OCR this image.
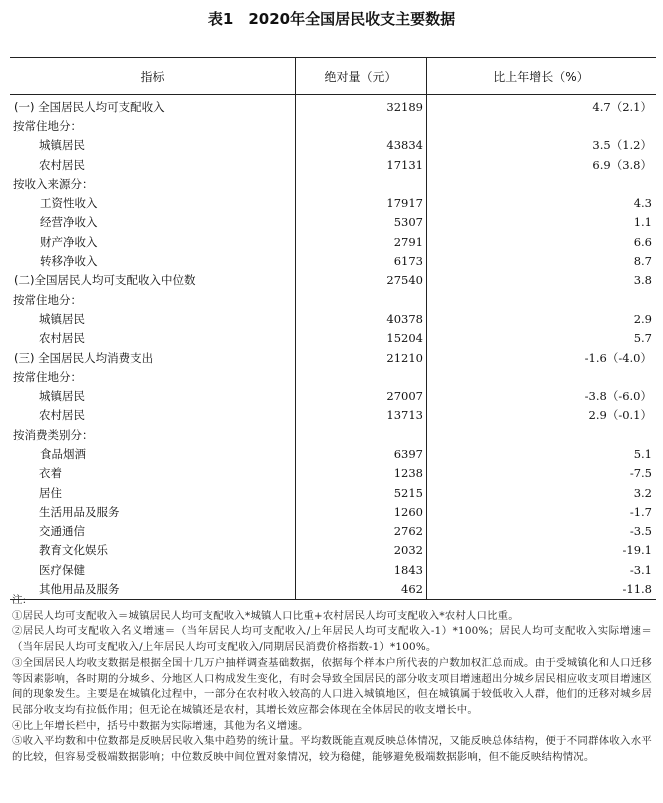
表1　2020年全国居民收支主要数据
指标	绝对量（元）	比上年增长（%）
(一) 全国居民人均可支配收入	32189	4.7（2.1）
按常住地分：
城镇居民	43834	3.5（1.2）
农村居民	17131	6.9（3.8）
按收入来源分：
工资性收入	17917	4.3
经营净收入	5307	1.1
财产净收入	2791	6.6
转移净收入	6173	8.7
(二)全国居民人均可支配收入中位数	27540	3.8
按常住地分：
城镇居民	40378	2.9
农村居民	15204	5.7
(三) 全国居民人均消费支出	21210	-1.6（-4.0）
按常住地分：
城镇居民	27007	-3.8（-6.0）
农村居民	13713	2.9（-0.1）
按消费类别分：
食品烟酒	6397	5.1
衣着	1238	-7.5
居住	5215	3.2
生活用品及服务	1260	-1.7
交通通信	2762	-3.5
教育文化娱乐	2032	-19.1
医疗保健	1843	-3.1
其他用品及服务	462	-11.8
注:
①居民人均可支配收入＝城镇居民人均可支配收入*城镇人口比重+农村居民人均可支配收入*农村人口比重。
②居民人均可支配收入名义增速＝（当年居民人均可支配收入/上年居民人均可支配收入-1）*100%；居民人均可支配收入实际增速＝（当年居民人均可支配收入/上年居民人均可支配收入/同期居民消费价格指数-1）*100%。
③全国居民人均收支数据是根据全国十几万户抽样调查基础数据，依据每个样本户所代表的户数加权汇总而成。由于受城镇化和人口迁移等因素影响，各时期的分城乡、分地区人口构成发生变化，有时会导致全国居民的部分收支项目增速超出分城乡居民相应收支项目增速区间的现象发生。主要是在城镇化过程中，一部分在农村收入较高的人口进入城镇地区，但在城镇属于较低收入人群，他们的迁移对城乡居民部分收支均有拉低作用；但无论在城镇还是农村，其增长效应都会体现在全体居民的收支增长中。
④比上年增长栏中，括号中数据为实际增速，其他为名义增速。
⑤收入平均数和中位数都是反映居民收入集中趋势的统计量。平均数既能直观反映总体情况，又能反映总体结构，便于不同群体收入水平的比较，但容易受极端数据影响；中位数反映中间位置对象情况，较为稳健，能够避免极端数据影响，但不能反映结构情况。
